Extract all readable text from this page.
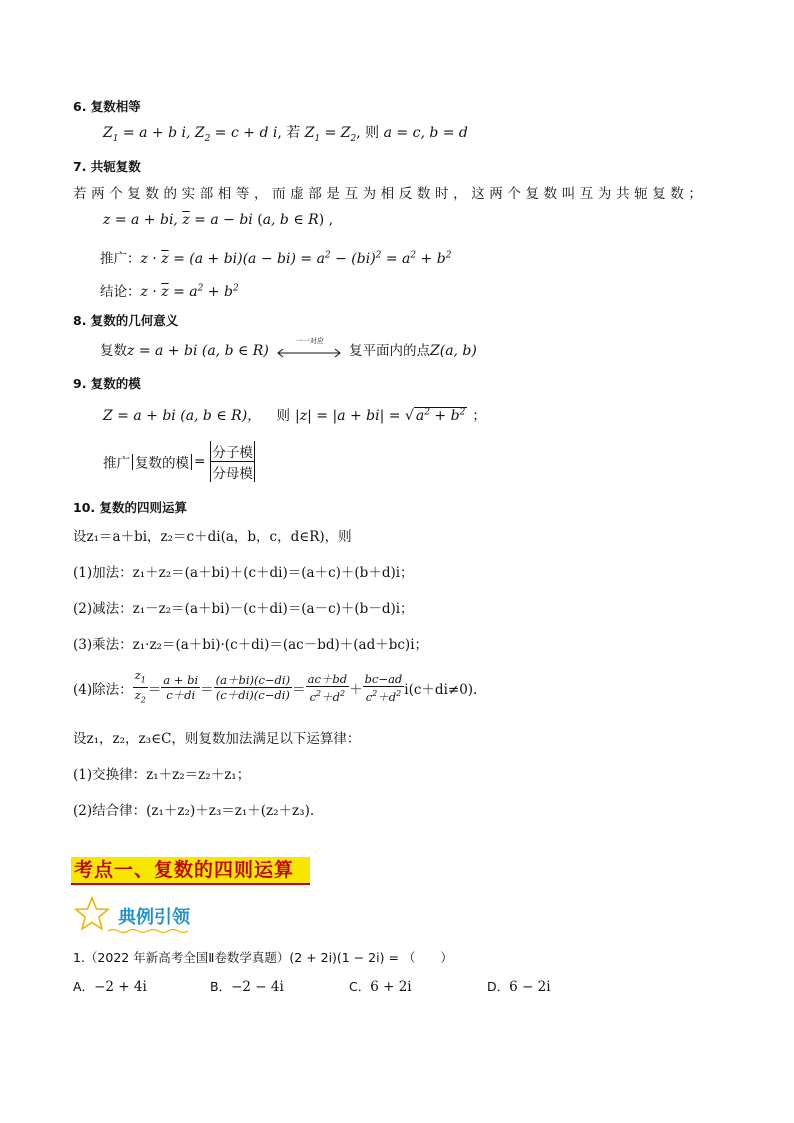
6. 复数相等
$Z_1 = a + b$ i, $Z_2 = c + d$ i, 若 $Z_1 = Z_2$, 则 a = c, b = d
7. 共轭复数
若两个复数的实部相等，而虚部是互为相反数时，这两个复数叫互为共轭复数；
z = a + bi, $\overline{z} = a$ − bi (a, b ∈ R) ,
推广：$z \cdot \overline{z} = (a + bi)(a - bi) = a^2 - (bi)^2 = a^2 + b^2$
结论：$z \cdot \overline{z} = a^2 + b^2$
8. 复数的几何意义
复数z = a + bi (a, b ∈ R)
一一对应
复平面内的点Z(a, b)
9. 复数的模
Z = a + bi (a, b ∈ R)， 则 |z| = |a + bi| = √ $a^2 + b^2$ ；
推广 复数的模 =
分子模
分母模
10. 复数的四则运算
设z₁＝a＋bi，z₂＝c＋di(a，b，c，d∈R)，则
(1)加法：z₁＋z₂＝(a＋bi)＋(c＋di)＝(a＋c)＋(b＋d)i；
(2)减法：z₁－z₂＝(a＋bi)－(c＋di)＝(a－c)＋(b－d)i；
(3)乘法：z₁·z₂＝(a＋bi)·(c＋di)＝(ac－bd)＋(ad＋bc)i；
(4)除法： $\frac{z_1}{z_2} = \frac{a + bi}{c+di} = \frac{(a+bi)(c-di)}{(c+di)(c-di)} = \frac{ac+bd}{c^2+d^2} + \frac{bc-ad}{c^2+d^2} i(c+di\ne 0)$.
设z₁，z₂，z₃∈C，则复数加法满足以下运算律：
(1)交换律：z₁＋z₂＝z₂＋z₁；
(2)结合律：(z₁＋z₂)＋z₃＝z₁＋(z₂＋z₃).
考点一、复数的四则运算
典例引领
1.（2022 年新高考全国Ⅱ卷数学真题）(2 + 2i)(1 − 2i) = （　　）
A．−2 + 4i	B．−2 − 4i	C．6 + 2i	D．6 − 2i
